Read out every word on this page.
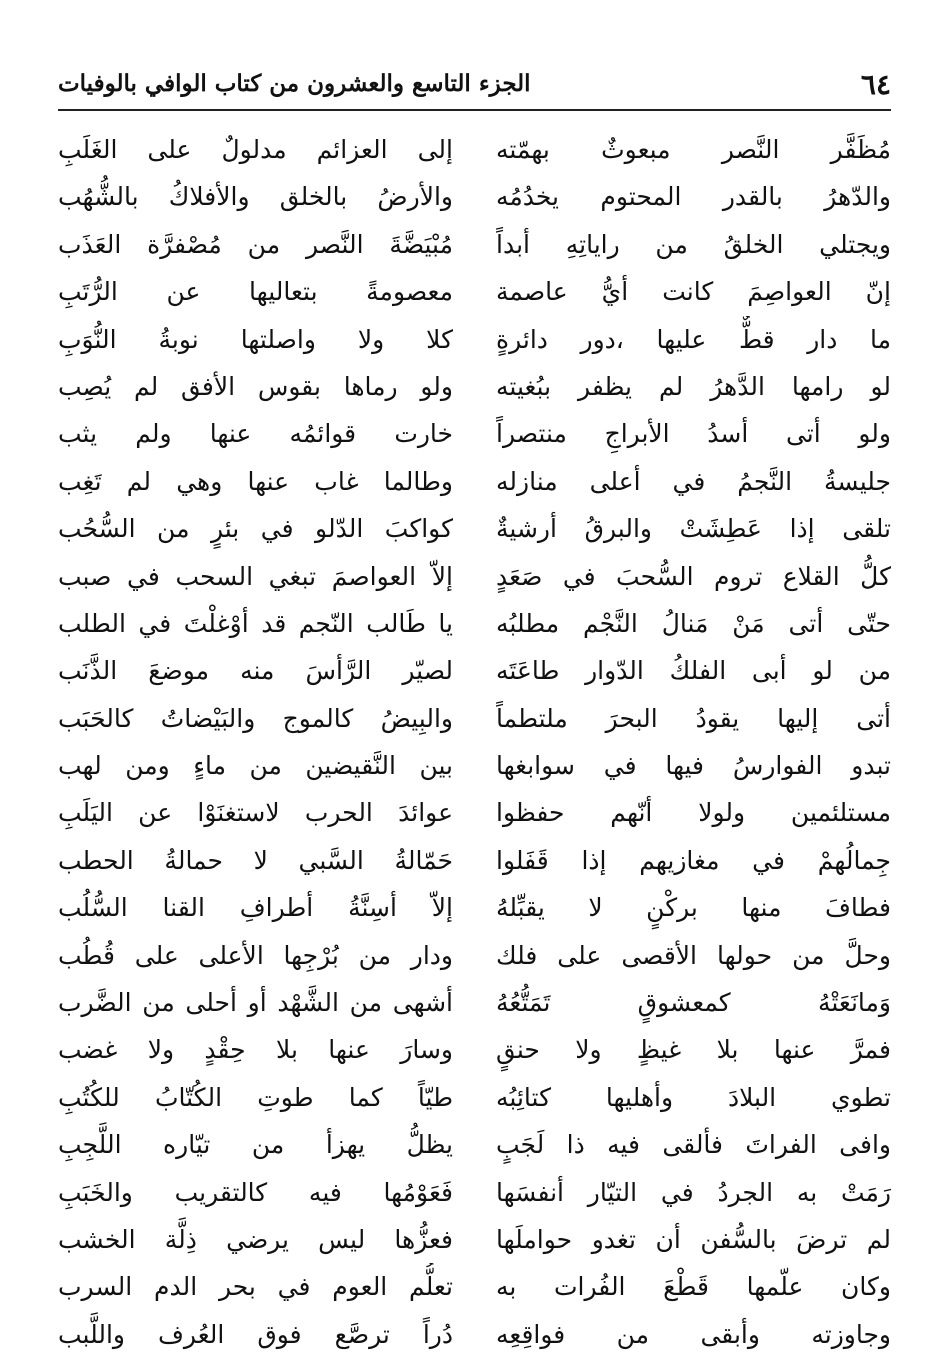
٦٤
الجزء التاسع والعشرون من كتاب الوافي بالوفيات
مُظَفَّر النَّصر مبعوثٌ بهمّته
والدّهرُ بالقدر المحتوم يخدُمُه
ويجتلي الخلقُ من راياتِهِ أبداً
إنّ العواصِمَ كانت أيُّ عاصمة
ما دار قطٌّ عليها ،دور دائرةٍ
لو رامها الدَّهرُ لم يظفر ببُغيته
ولو أتى أسدُ الأبراجِ منتصراً
جليسةُ النَّجمُ في أعلى منازله
تلقى إذا عَطِشَتْ والبرقُ أرشيةٌ
كلُّ القلاع تروم السُّحبَ في صَعَدٍ
حتّى أتى مَنْ مَنالُ النَّجْم مطلبُه
من لو أبى الفلكُ الدّوار طاعَتَه
أتى إليها يقودُ البحرَ ملتطماً
تبدو الفوارسُ فيها في سوابغها
مستلئمين ولولا أنّهم حفظوا
جِمالُهمْ في مغازيهم إذا قَفَلوا
فطافَ منها بركْنٍ لا يقبِّلهُ
وحلَّ من حولها الأقصى على فلك
وَمانَعَتْهُ كمعشوقٍ تَمَتُّعُهُ
فمرَّ عنها بلا غيظٍ ولا حنقٍ
تطوي البلادَ وأهليها كتائِبُه
وافى الفراتَ فألقى فيه ذا لَجَبٍ
رَمَتْ به الجردُ في التيّار أنفسَها
لم ترضَ بالسُّفن أن تغدو حواملَها
وكان علّمها قَطْعَ الفُرات به
وجاوزته وأبقى من فواقِعِه
إلى العزائم مدلولٌ على الغَلَبِ
والأرضُ بالخلق والأفلاكُ بالشُّهُب
مُبْيَضَّةَ النَّصر من مُصْفرَّة العَذَب
معصومةً بتعاليها عن الرُّتَبِ
كلا ولا واصلتها نوبةُ النُّوَبِ
ولو رماها بقوس الأفق لم يُصِب
خارت قوائمُه عنها ولم يثب
وطالما غاب عنها وهي لم تَغِب
كواكبَ الدّلو في بئرٍ من السُّحُب
إلاّ العواصمَ تبغي السحب في صبب
يا طَالب النّجم قد أوْغلْتَ في الطلب
لصيّر الرَّأسَ منه موضعَ الذَّنَب
والبِيضُ كالموج والبَيْضاتُ كالحَبَب
بين النَّقيضين من ماءٍ ومن لهب
عوائدَ الحرب لاستغنَوْا عن اليَلَبِ
حَمّالةُ السَّبي لا حمالةُ الحطب
إلاّ أسِنَّةُ أطرافِ القنا السُّلُب
ودار من بُرْجِها الأعلى على قُطُب
أشهى من الشَّهْد أو أحلى من الضَّرب
وسارَ عنها بلا حِقْدٍ ولا غضب
طيّاً كما طوتِ الكُتّابُ للكُتُبِ
يظلُّ يهزأ من تيّاره اللَّجِبِ
فَعَوْمُها فيه كالتقريب والخَبَبِ
فعزُّها ليس يرضي ذِلَّة الخشب
تعلُّم العوم في بحر الدم السرب
دُراً ترصَّع فوق العُرف واللَّبب
